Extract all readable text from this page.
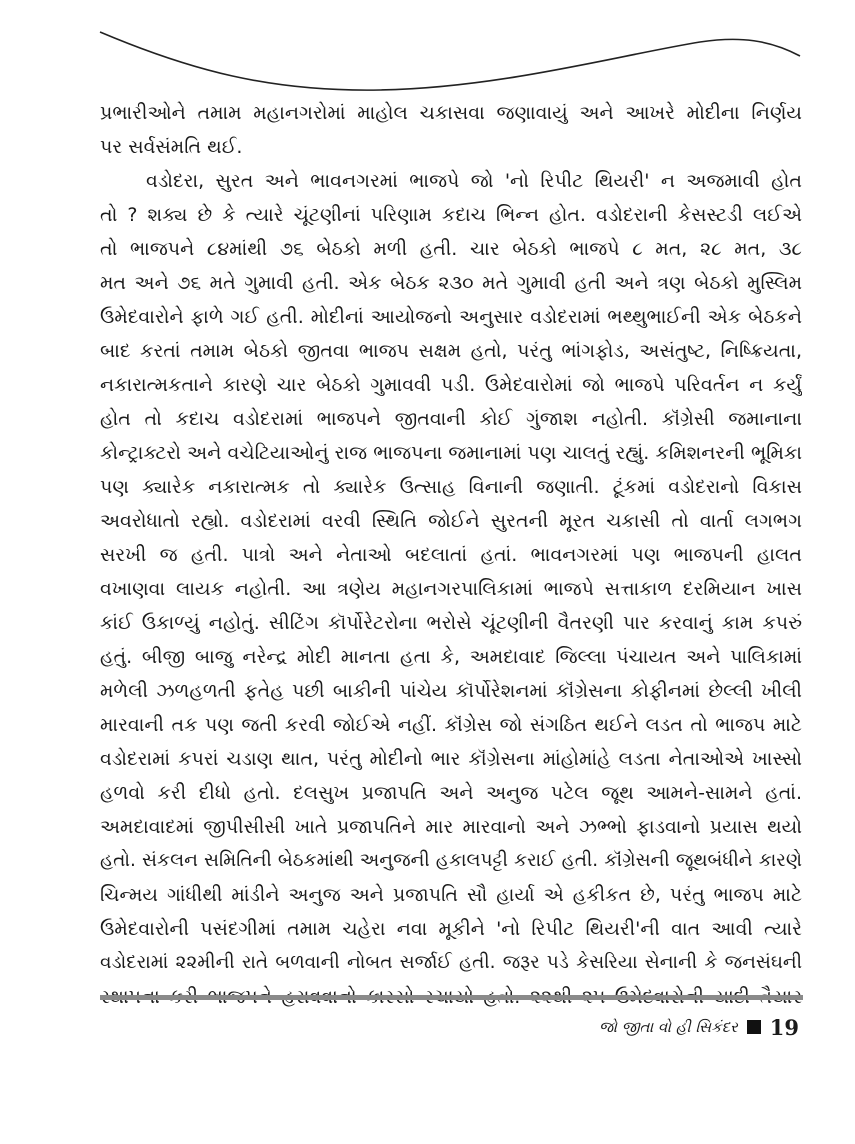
પ્રભારીઓને તમામ મહાનગરોમાં માહોલ ચકાસવા જણાવાયું અને આખરે મોદીના નિર્ણય
પર સર્વસંમતિ થઈ.
વડોદરા, સુરત અને ભાવનગરમાં ભાજપે જો 'નો રિપીટ થિયરી' ન અજમાવી હોત
તો ? શક્ય છે કે ત્યારે ચૂંટણીનાં પરિણામ કદાચ ભિન્ન હોત. વડોદરાની કેસસ્ટડી લઈએ
તો ભાજપને ૮૪માંથી ૭૬ બેઠકો મળી હતી. ચાર બેઠકો ભાજપે ૮ મત, ૨૮ મત, ૩૮
મત અને ૭૬ મતે ગુમાવી હતી. એક બેઠક ૨૩૦ મતે ગુમાવી હતી અને ત્રણ બેઠકો મુસ્લિમ
ઉમેદવારોને ફાળે ગઈ હતી. મોદીનાં આયોજનો અનુસાર વડોદરામાં ભથ્થુભાઈની એક બેઠકને
બાદ કરતાં તમામ બેઠકો જીતવા ભાજપ સક્ષમ હતો, પરંતુ ભાંગફોડ, અસંતુષ્ટ, નિષ્ક્રિયતા,
નકારાત્મકતાને કારણે ચાર બેઠકો ગુમાવવી પડી. ઉમેદવારોમાં જો ભાજપે પરિવર્તન ન કર્યું
હોત તો કદાચ વડોદરામાં ભાજપને જીતવાની કોઈ ગુંજાશ નહોતી. કૉંગ્રેસી જમાનાના
કોન્ટ્રાક્ટરો અને વચેટિયાઓનું રાજ ભાજપના જમાનામાં પણ ચાલતું રહ્યું. કમિશનરની ભૂમિકા
પણ ક્યારેક નકારાત્મક તો ક્યારેક ઉત્સાહ વિનાની જણાતી. ટૂંકમાં વડોદરાનો વિકાસ
અવરોધાતો રહ્યો. વડોદરામાં વરવી સ્થિતિ જોઈને સુરતની મૂરત ચકાસી તો વાર્તા લગભગ
સરખી જ હતી. પાત્રો અને નેતાઓ બદલાતાં હતાં. ભાવનગરમાં પણ ભાજપની હાલત
વખાણવા લાયક નહોતી. આ ત્રણેય મહાનગરપાલિકામાં ભાજપે સત્તાકાળ દરમિયાન ખાસ
કાંઈ ઉકાળ્યું નહોતું. સીટિંગ કૉર્પોરેટરોના ભરોસે ચૂંટણીની વૈતરણી પાર કરવાનું કામ કપરું
હતું. બીજી બાજુ નરેન્દ્ર મોદી માનતા હતા કે, અમદાવાદ જિલ્લા પંચાયત અને પાલિકામાં
મળેલી ઝળહળતી ફતેહ પછી બાકીની પાંચેય કૉર્પોરેશનમાં કૉંગ્રેસના કોફીનમાં છેલ્લી ખીલી
મારવાની તક પણ જતી કરવી જોઈએ નહીં. કૉંગ્રેસ જો સંગઠિત થઈને લડત તો ભાજપ માટે
વડોદરામાં કપરાં ચડાણ થાત, પરંતુ મોદીનો ભાર કૉંગ્રેસના માંહોમાંહે લડતા નેતાઓએ ખાસ્સો
હળવો કરી દીધો હતો. દલસુખ પ્રજાપતિ અને અનુજ પટેલ જૂથ આમને-સામને હતાં.
અમદાવાદમાં જીપીસીસી ખાતે પ્રજાપતિને માર મારવાનો અને ઝભ્ભો ફાડવાનો પ્રયાસ થયો
હતો. સંકલન સમિતિની બેઠકમાંથી અનુજની હકાલપટ્ટી કરાઈ હતી. કૉંગ્રેસની જૂથબંધીને કારણે
ચિન્મય ગાંધીથી માંડીને અનુજ અને પ્રજાપતિ સૌ હાર્યા એ હકીકત છે, પરંતુ ભાજપ માટે
ઉમેદવારોની પસંદગીમાં તમામ ચહેરા નવા મૂકીને 'નો રિપીટ થિયરી'ની વાત આવી ત્યારે
વડોદરામાં ૨૨મીની રાતે બળવાની નોબત સર્જાઈ હતી. જરૂર પડે કેસરિયા સેનાની કે જનસંઘની
જો જીતા વો હી સિકંદર 19
